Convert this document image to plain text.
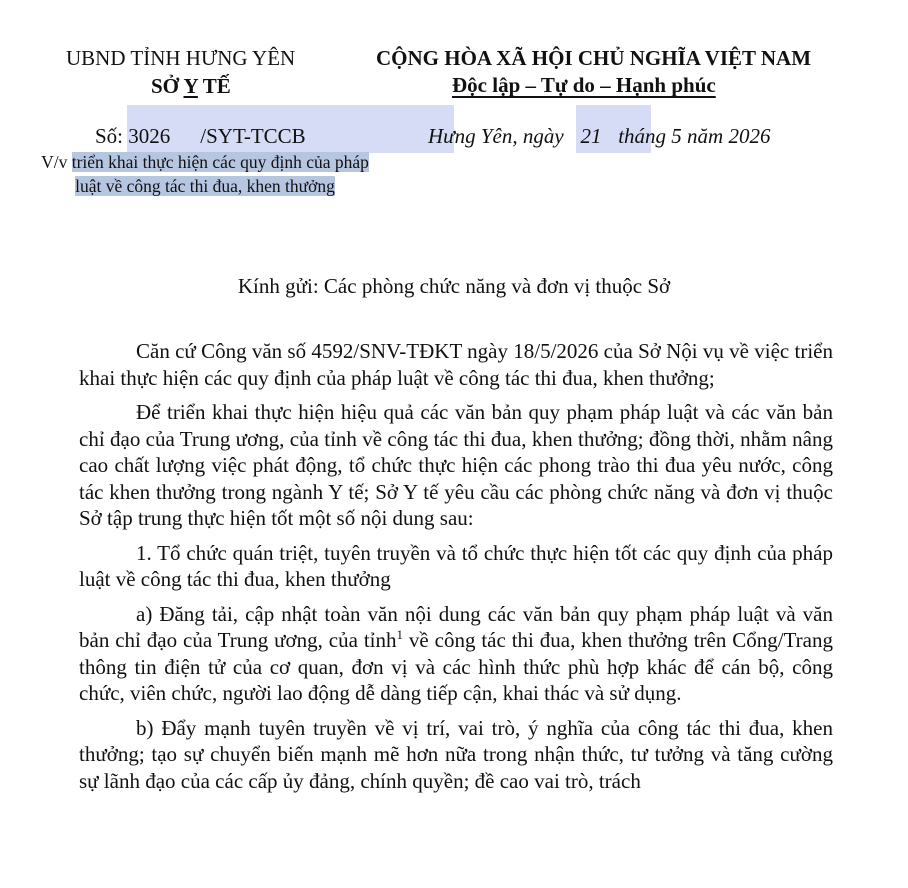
UBND TỈNH HƯNG YÊN
SỞ Y TẾ
CỘNG HÒA XÃ HỘI CHỦ NGHĨA VIỆT NAM
Độc lập – Tự do – Hạnh phúc
Số: 3026 /SYT-TCCB	Hưng Yên, ngày 21 tháng 5 năm 2026
V/v triển khai thực hiện các quy định của pháp luật về công tác thi đua, khen thưởng
Kính gửi: Các phòng chức năng và đơn vị thuộc Sở

Căn cứ Công văn số 4592/SNV-TĐKT ngày 18/5/2026 của Sở Nội vụ về việc triển khai thực hiện các quy định của pháp luật về công tác thi đua, khen thưởng;

Để triển khai thực hiện hiệu quả các văn bản quy phạm pháp luật và các văn bản chỉ đạo của Trung ương, của tỉnh về công tác thi đua, khen thưởng; đồng thời, nhằm nâng cao chất lượng việc phát động, tổ chức thực hiện các phong trào thi đua yêu nước, công tác khen thưởng trong ngành Y tế; Sở Y tế yêu cầu các phòng chức năng và đơn vị thuộc Sở tập trung thực hiện tốt một số nội dung sau:

1. Tổ chức quán triệt, tuyên truyền và tổ chức thực hiện tốt các quy định của pháp luật về công tác thi đua, khen thưởng

a) Đăng tải, cập nhật toàn văn nội dung các văn bản quy phạm pháp luật và văn bản chỉ đạo của Trung ương, của tỉnh$^1$ về công tác thi đua, khen thưởng trên Cổng/Trang thông tin điện tử của cơ quan, đơn vị và các hình thức phù hợp khác để cán bộ, công chức, viên chức, người lao động dễ dàng tiếp cận, khai thác và sử dụng.

b) Đẩy mạnh tuyên truyền về vị trí, vai trò, ý nghĩa của công tác thi đua, khen thưởng; tạo sự chuyển biến mạnh mẽ hơn nữa trong nhận thức, tư tưởng và tăng cường sự lãnh đạo của các cấp ủy đảng, chính quyền; đề cao vai trò, trách
